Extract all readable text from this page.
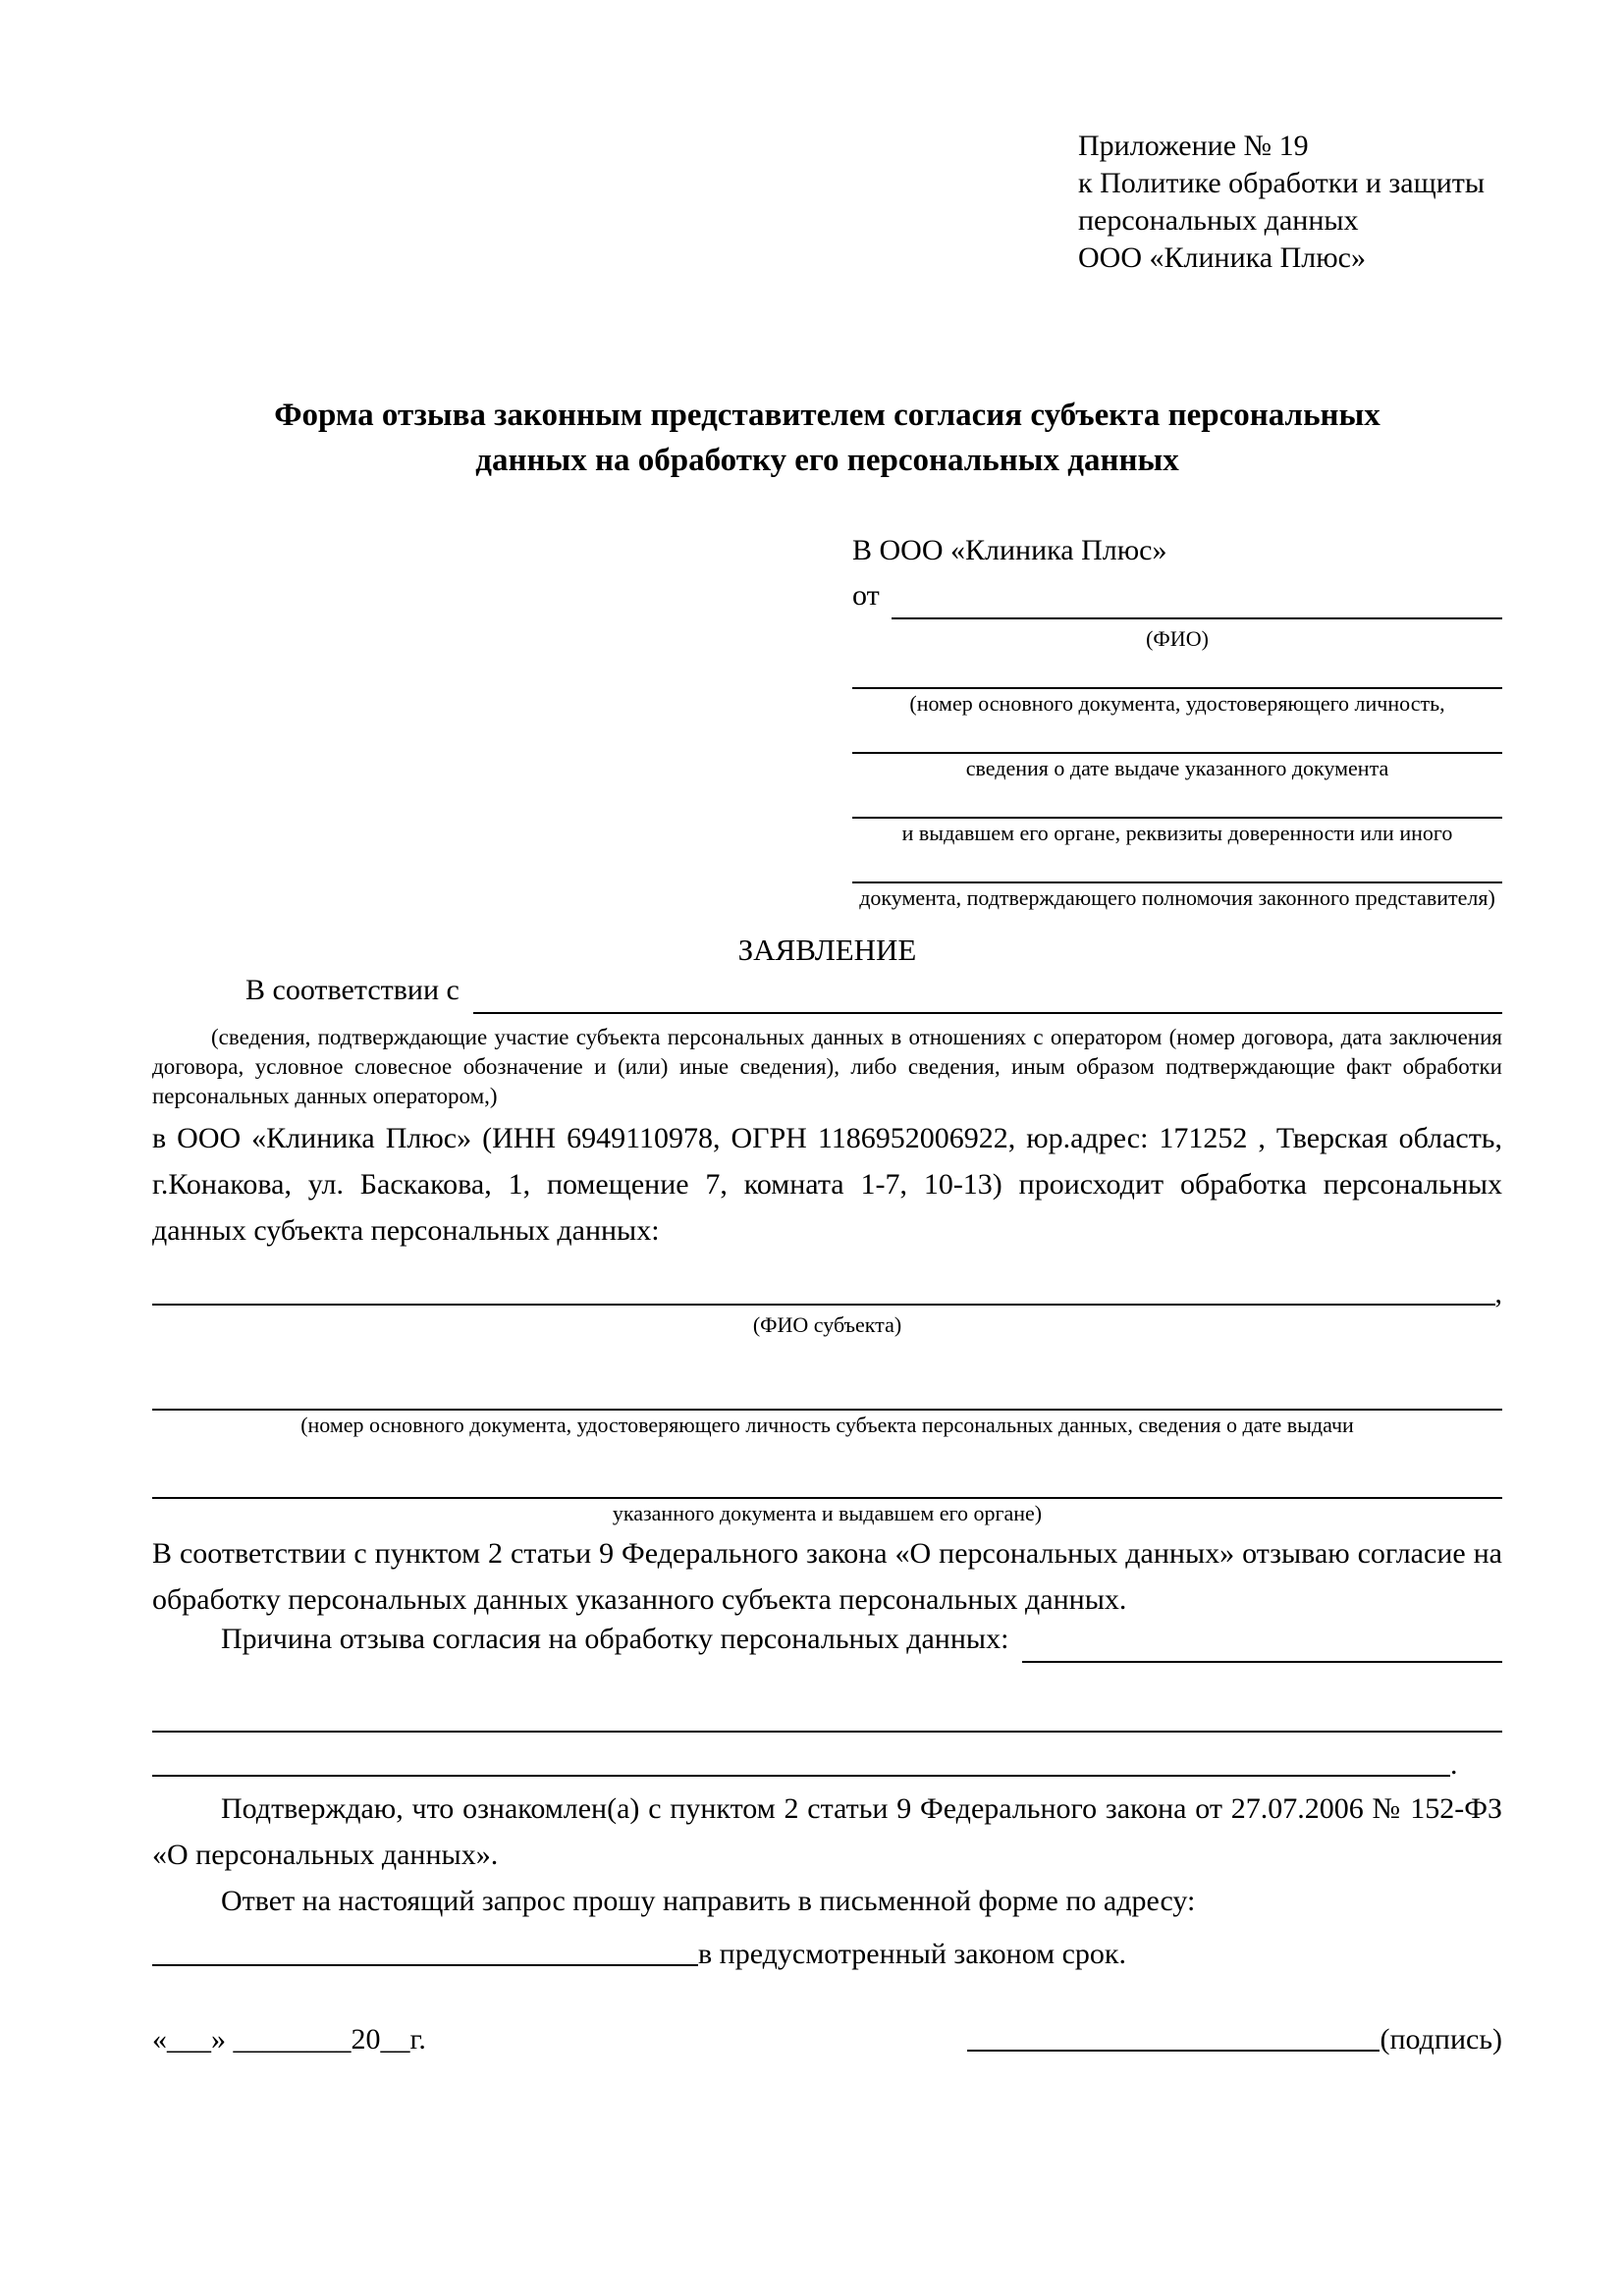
Приложение № 19
к Политике обработки и защиты
персональных данных
ООО «Клиника Плюс»
Форма отзыва законным представителем согласия субъекта персональных данных на обработку его персональных данных
В ООО «Клиника Плюс»
от
(ФИО)
(номер основного документа, удостоверяющего личность,
сведения о дате выдаче указанного документа
и выдавшем его органе, реквизиты доверенности или иного
документа, подтверждающего полномочия законного представителя)
ЗАЯВЛЕНИЕ
В соответствии с
(сведения, подтверждающие участие субъекта персональных данных в отношениях с оператором (номер договора, дата заключения договора, условное словесное обозначение и (или) иные сведения), либо сведения, иным образом подтверждающие факт обработки персональных данных оператором,)
в ООО «Клиника Плюс» (ИНН 6949110978, ОГРН 1186952006922, юр.адрес: 171252 , Тверская область, г.Конакова, ул. Баскакова, 1, помещение 7, комната 1-7, 10-13) происходит обработка персональных данных субъекта персональных данных:
,
(ФИО субъекта)
(номер основного документа, удостоверяющего личность субъекта персональных данных, сведения о дате выдачи
указанного документа и выдавшем его органе)
В соответствии с пунктом 2 статьи 9 Федерального закона «О персональных данных» отзываю согласие на обработку персональных данных указанного субъекта персональных данных.
Причина отзыва согласия на обработку персональных данных:
.
Подтверждаю, что ознакомлен(а) с пунктом 2 статьи 9 Федерального закона от 27.07.2006 № 152-ФЗ «О персональных данных».
Ответ на настоящий запрос прошу направить в письменной форме по адресу:
в предусмотренный законом срок.
«___» ________20__г.	(подпись)
